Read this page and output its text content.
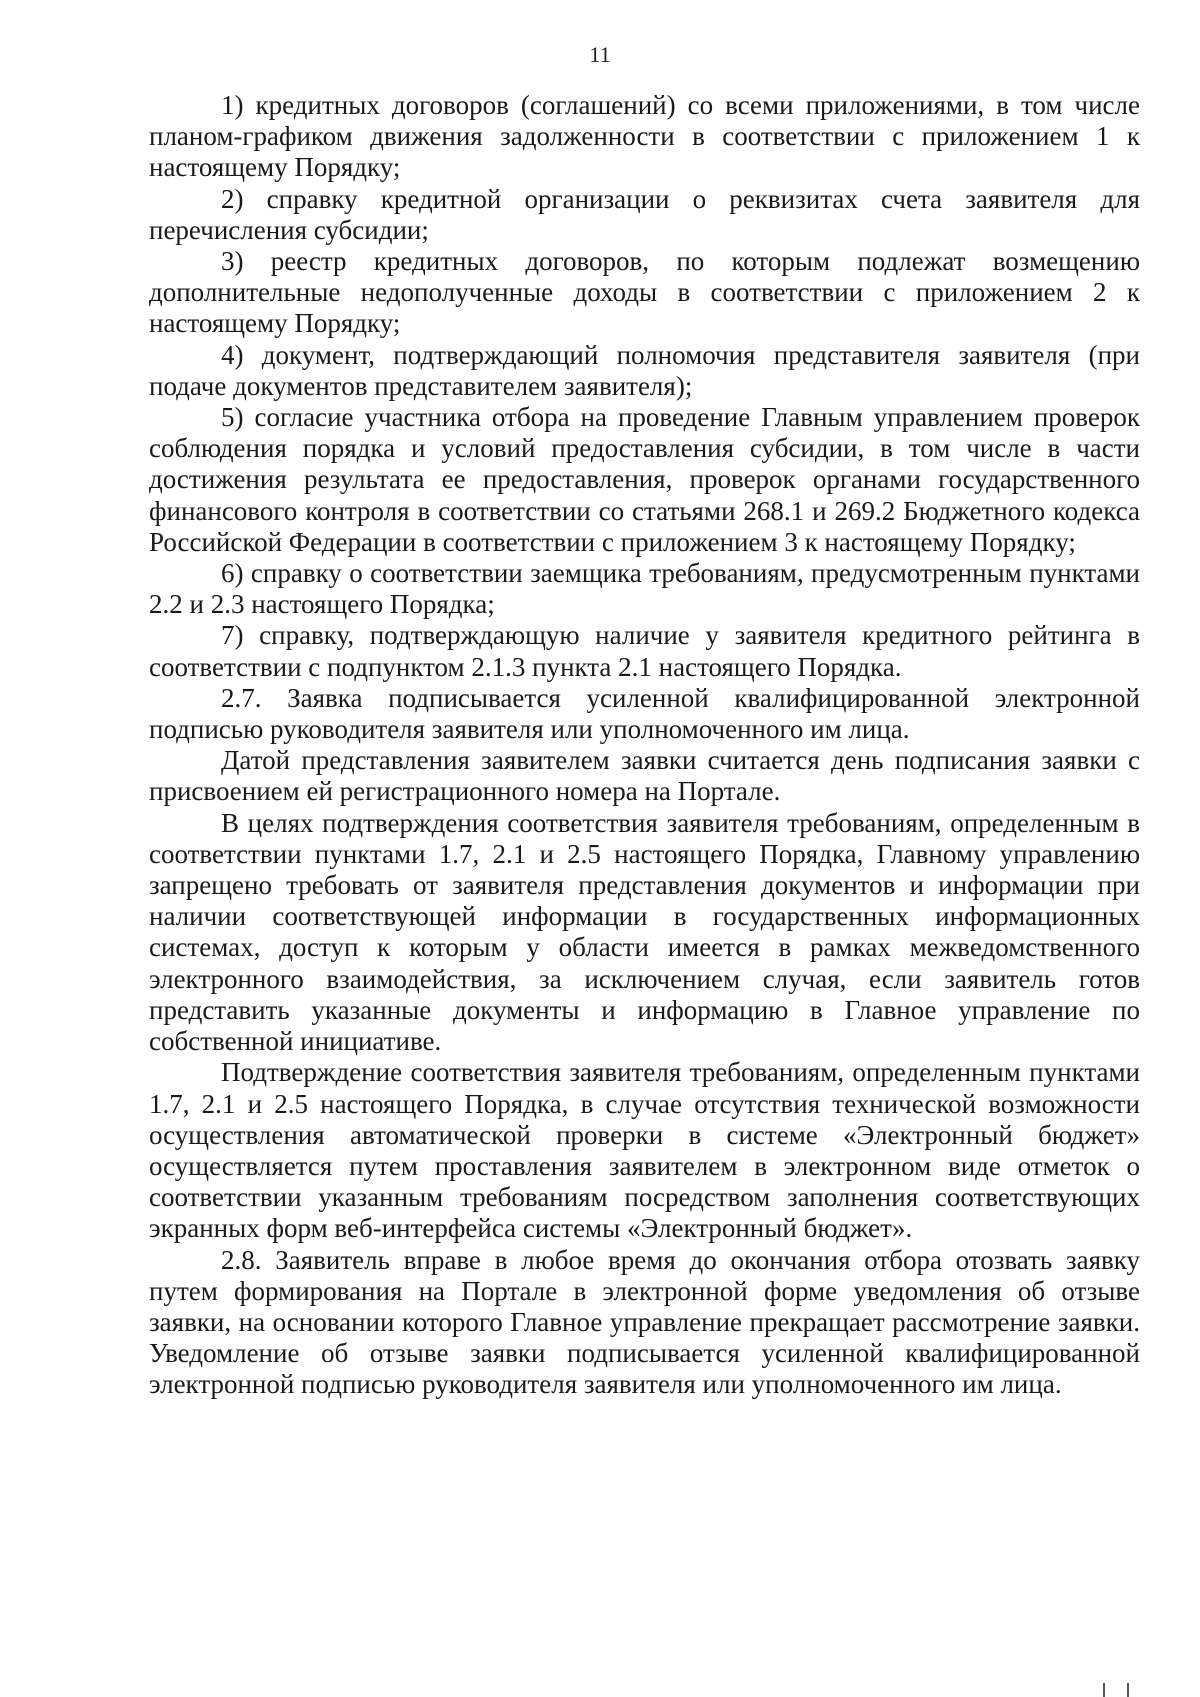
11

1) кредитных договоров (соглашений) со всеми приложениями, в том числе планом-графиком движения задолженности в соответствии с приложением 1 к настоящему Порядку;

2) справку кредитной организации о реквизитах счета заявителя для перечисления субсидии;

3) реестр кредитных договоров, по которым подлежат возмещению дополнительные недополученные доходы в соответствии с приложением 2 к настоящему Порядку;

4) документ, подтверждающий полномочия представителя заявителя (при подаче документов представителем заявителя);

5) согласие участника отбора на проведение Главным управлением проверок соблюдения порядка и условий предоставления субсидии, в том числе в части достижения результата ее предоставления, проверок органами государственного финансового контроля в соответствии со статьями 268.1 и 269.2 Бюджетного кодекса Российской Федерации в соответствии с приложением 3 к настоящему Порядку;

6) справку о соответствии заемщика требованиям, предусмотренным пунктами 2.2 и 2.3 настоящего Порядка;

7) справку, подтверждающую наличие у заявителя кредитного рейтинга в соответствии с подпунктом 2.1.3 пункта 2.1 настоящего Порядка.

2.7. Заявка подписывается усиленной квалифицированной электронной подписью руководителя заявителя или уполномоченного им лица.

Датой представления заявителем заявки считается день подписания заявки с присвоением ей регистрационного номера на Портале.

В целях подтверждения соответствия заявителя требованиям, определенным в соответствии пунктами 1.7, 2.1 и 2.5 настоящего Порядка, Главному управлению запрещено требовать от заявителя представления документов и информации при наличии соответствующей информации в государственных информационных системах, доступ к которым у области имеется в рамках межведомственного электронного взаимодействия, за исключением случая, если заявитель готов представить указанные документы и информацию в Главное управление по собственной инициативе.

Подтверждение соответствия заявителя требованиям, определенным пунктами 1.7, 2.1 и 2.5 настоящего Порядка, в случае отсутствия технической возможности осуществления автоматической проверки в системе «Электронный бюджет» осуществляется путем проставления заявителем в электронном виде отметок о соответствии указанным требованиям посредством заполнения соответствующих экранных форм веб-интерфейса системы «Электронный бюджет».

2.8. Заявитель вправе в любое время до окончания отбора отозвать заявку путем формирования на Портале в электронной форме уведомления об отзыве заявки, на основании которого Главное управление прекращает рассмотрение заявки. Уведомление об отзыве заявки подписывается усиленной квалифицированной электронной подписью руководителя заявителя или уполномоченного им лица.
